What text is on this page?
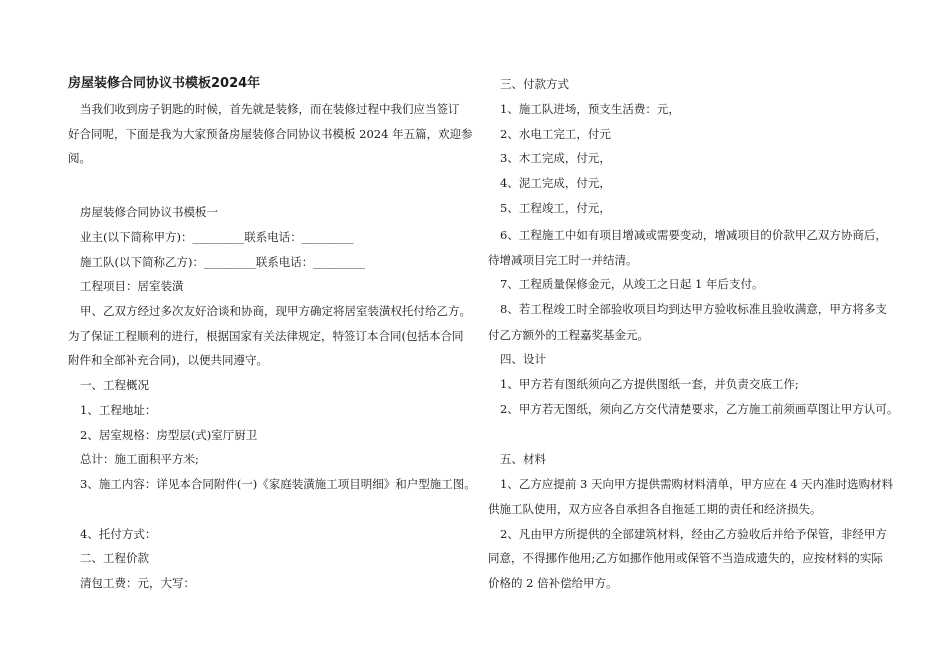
房屋装修合同协议书模板2024年
当我们收到房子钥匙的时候，首先就是装修，而在装修过程中我们应当签订
好合同呢，下面是我为大家预备房屋装修合同协议书模板 2024 年五篇，欢迎参
阅。
房屋装修合同协议书模板一
业主(以下简称甲方)：_________联系电话：_________
施工队(以下简称乙方)：_________联系电话：_________
工程项目：居室装潢
甲、乙双方经过多次友好洽谈和协商，现甲方确定将居室装潢权托付给乙方。
为了保证工程顺利的进行，根据国家有关法律规定，特签订本合同(包括本合同
附件和全部补充合同)，以便共同遵守。
一、工程概况
1、工程地址：
2、居室规格：房型层(式)室厅厨卫
总计：施工面积平方米;
3、施工内容：详见本合同附件(一)《家庭装潢施工项目明细》和户型施工图。
4、托付方式：
二、工程价款
清包工费：元，大写：
三、付款方式
1、施工队进场，预支生活费：元，
2、水电工完工，付元
3、木工完成，付元，
4、泥工完成，付元，
5、工程竣工，付元，
6、工程施工中如有项目增减或需要变动，增减项目的价款甲乙双方协商后，
待增减项目完工时一并结清。
7、工程质量保修金元，从竣工之日起 1 年后支付。
8、若工程竣工时全部验收项目均到达甲方验收标准且验收满意，甲方将多支
付乙方额外的工程嘉奖基金元。
四、设计
1、甲方若有图纸须向乙方提供图纸一套，并负责交底工作;
2、甲方若无图纸，须向乙方交代清楚要求，乙方施工前须画草图让甲方认可。
五、材料
1、乙方应提前 3 天向甲方提供需购材料清单，甲方应在 4 天内准时选购材料
供施工队使用，双方应各自承担各自拖延工期的责任和经济损失。
2、凡由甲方所提供的全部建筑材料，经由乙方验收后并给予保管，非经甲方
同意，不得挪作他用;乙方如挪作他用或保管不当造成遗失的，应按材料的实际
价格的 2 倍补偿给甲方。
